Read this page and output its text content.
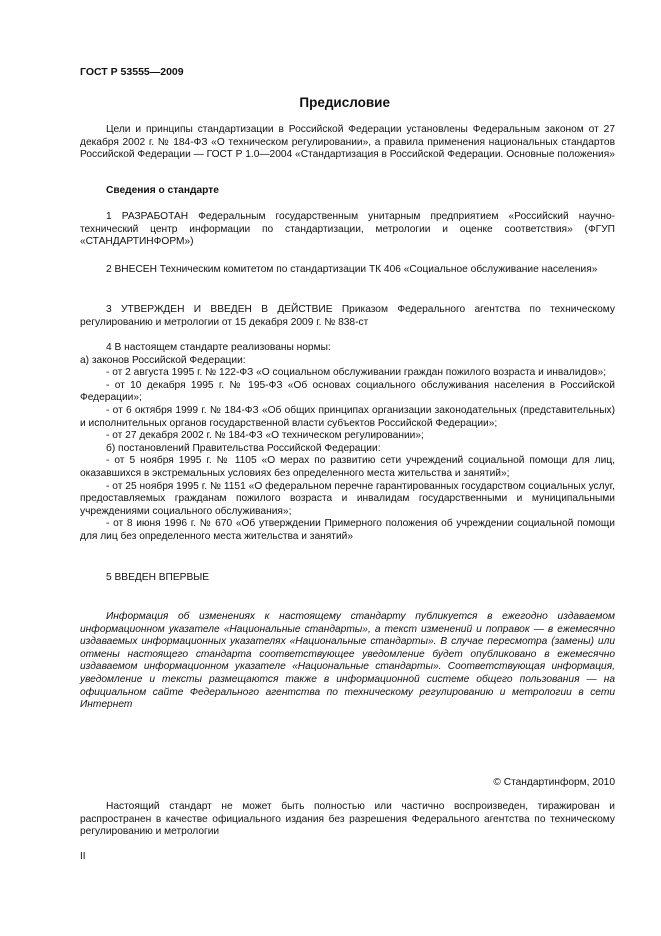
ГОСТ Р 53555—2009
Предисловие

Цели и принципы стандартизации в Российской Федерации установлены Федеральным законом от 27 декабря 2002 г. № 184-ФЗ «О техническом регулировании», а правила применения национальных стандартов Российской Федерации — ГОСТ Р 1.0—2004 «Стандартизация в Российской Федерации. Основные положения»

Сведения о стандарте

1 РАЗРАБОТАН Федеральным государственным унитарным предприятием «Российский научно-технический центр информации по стандартизации, метрологии и оценке соответствия» (ФГУП «СТАНДАРТИНФОРМ»)

2 ВНЕСЕН Техническим комитетом по стандартизации ТК 406 «Социальное обслуживание населения»

3 УТВЕРЖДЕН И ВВЕДЕН В ДЕЙСТВИЕ Приказом Федерального агентства по техническому регулированию и метрологии от 15 декабря 2009 г. № 838-ст

4 В настоящем стандарте реализованы нормы:

а) законов Российской Федерации:

- от 2 августа 1995 г. № 122-ФЗ «О социальном обслуживании граждан пожилого возраста и инвалидов»;

- от 10 декабря 1995 г. № 195-ФЗ «Об основах социального обслуживания населения в Российской Федерации»;

- от 6 октября 1999 г. № 184-ФЗ «Об общих принципах организации законодательных (представительных) и исполнительных органов государственной власти субъектов Российской Федерации»;

- от 27 декабря 2002 г. № 184-ФЗ «О техническом регулировании»;

б) постановлений Правительства Российской Федерации:

- от 5 ноября 1995 г. № 1105 «О мерах по развитию сети учреждений социальной помощи для лиц, оказавшихся в экстремальных условиях без определенного места жительства и занятий»;

- от 25 ноября 1995 г. № 1151 «О федеральном перечне гарантированных государством социальных услуг, предоставляемых гражданам пожилого возраста и инвалидам государственными и муниципальными учреждениями социального обслуживания»;

- от 8 июня 1996 г. № 670 «Об утверждении Примерного положения об учреждении социальной помощи для лиц без определенного места жительства и занятий»

5 ВВЕДЕН ВПЕРВЫЕ

Информация об изменениях к настоящему стандарту публикуется в ежегодно издаваемом информационном указателе «Национальные стандарты», а текст изменений и поправок — в ежемесячно издаваемых информационных указателях «Национальные стандарты». В случае пересмотра (замены) или отмены настоящего стандарта соответствующее уведомление будет опубликовано в ежемесячно издаваемом информационном указателе «Национальные стандарты». Соответствующая информация, уведомление и тексты размещаются также в информационной системе общего пользования — на официальном сайте Федерального агентства по техническому регулированию и метрологии в сети Интернет

© Стандартинформ, 2010

Настоящий стандарт не может быть полностью или частично воспроизведен, тиражирован и распространен в качестве официального издания без разрешения Федерального агентства по техническому регулированию и метрологии

II
